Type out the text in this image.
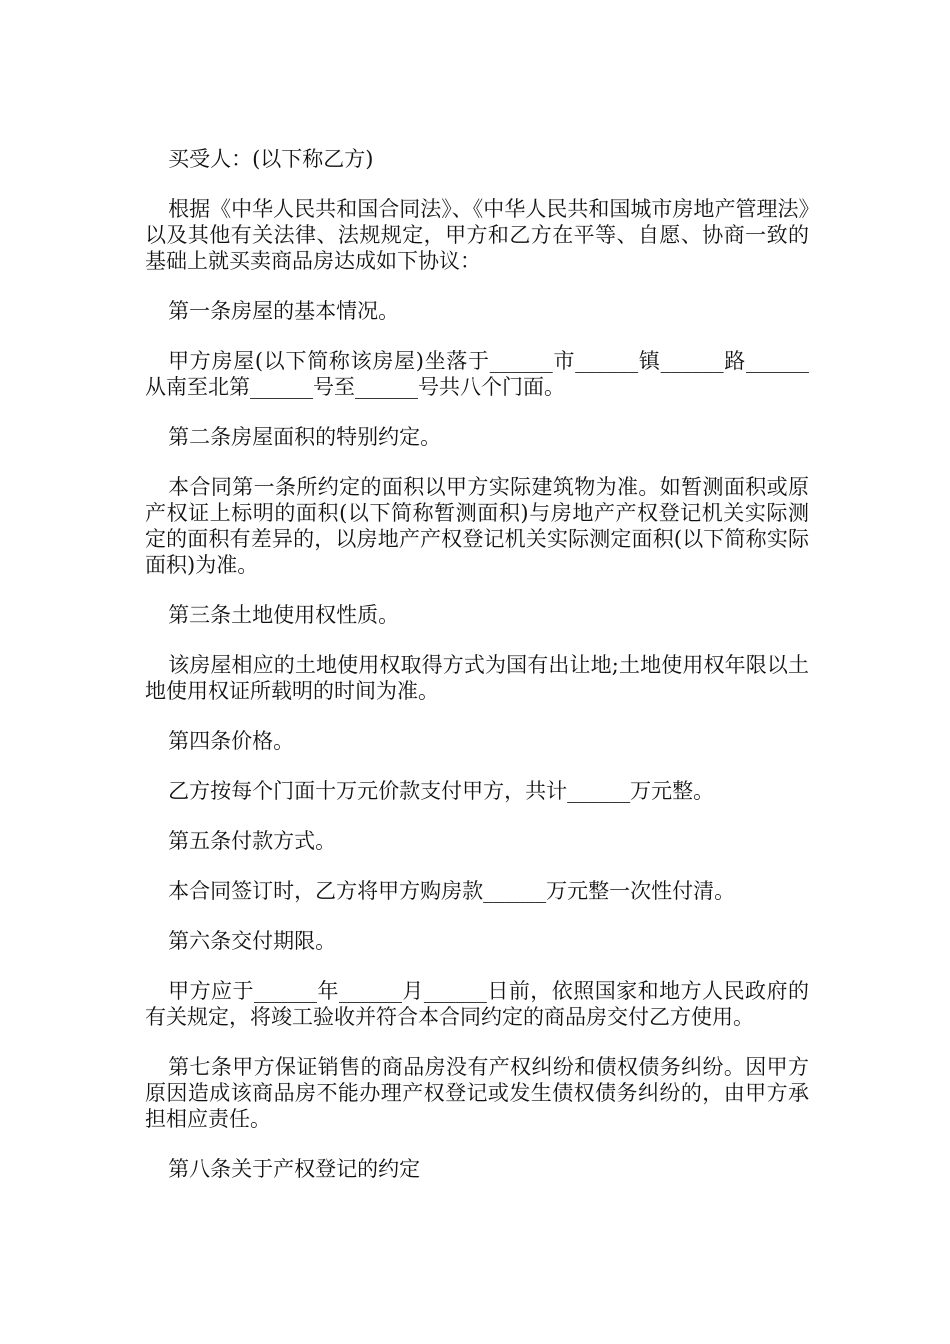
买受人：(以下称乙方)

根据《中华人民共和国合同法》、《中华人民共和国城市房地产管理法》以及其他有关法律、法规规定，甲方和乙方在平等、自愿、协商一致的基础上就买卖商品房达成如下协议：

第一条房屋的基本情况。

甲方房屋(以下简称该房屋)坐落于______市______镇______路______从南至北第______号至______号共八个门面。

第二条房屋面积的特别约定。

本合同第一条所约定的面积以甲方实际建筑物为准。如暂测面积或原产权证上标明的面积(以下简称暂测面积)与房地产产权登记机关实际测定的面积有差异的，以房地产产权登记机关实际测定面积(以下简称实际面积)为准。

第三条土地使用权性质。

该房屋相应的土地使用权取得方式为国有出让地;土地使用权年限以土地使用权证所载明的时间为准。

第四条价格。

乙方按每个门面十万元价款支付甲方，共计______万元整。

第五条付款方式。

本合同签订时，乙方将甲方购房款______万元整一次性付清。

第六条交付期限。

甲方应于______年______月______日前，依照国家和地方人民政府的有关规定，将竣工验收并符合本合同约定的商品房交付乙方使用。

第七条甲方保证销售的商品房没有产权纠纷和债权债务纠纷。因甲方原因造成该商品房不能办理产权登记或发生债权债务纠纷的，由甲方承担相应责任。

第八条关于产权登记的约定
